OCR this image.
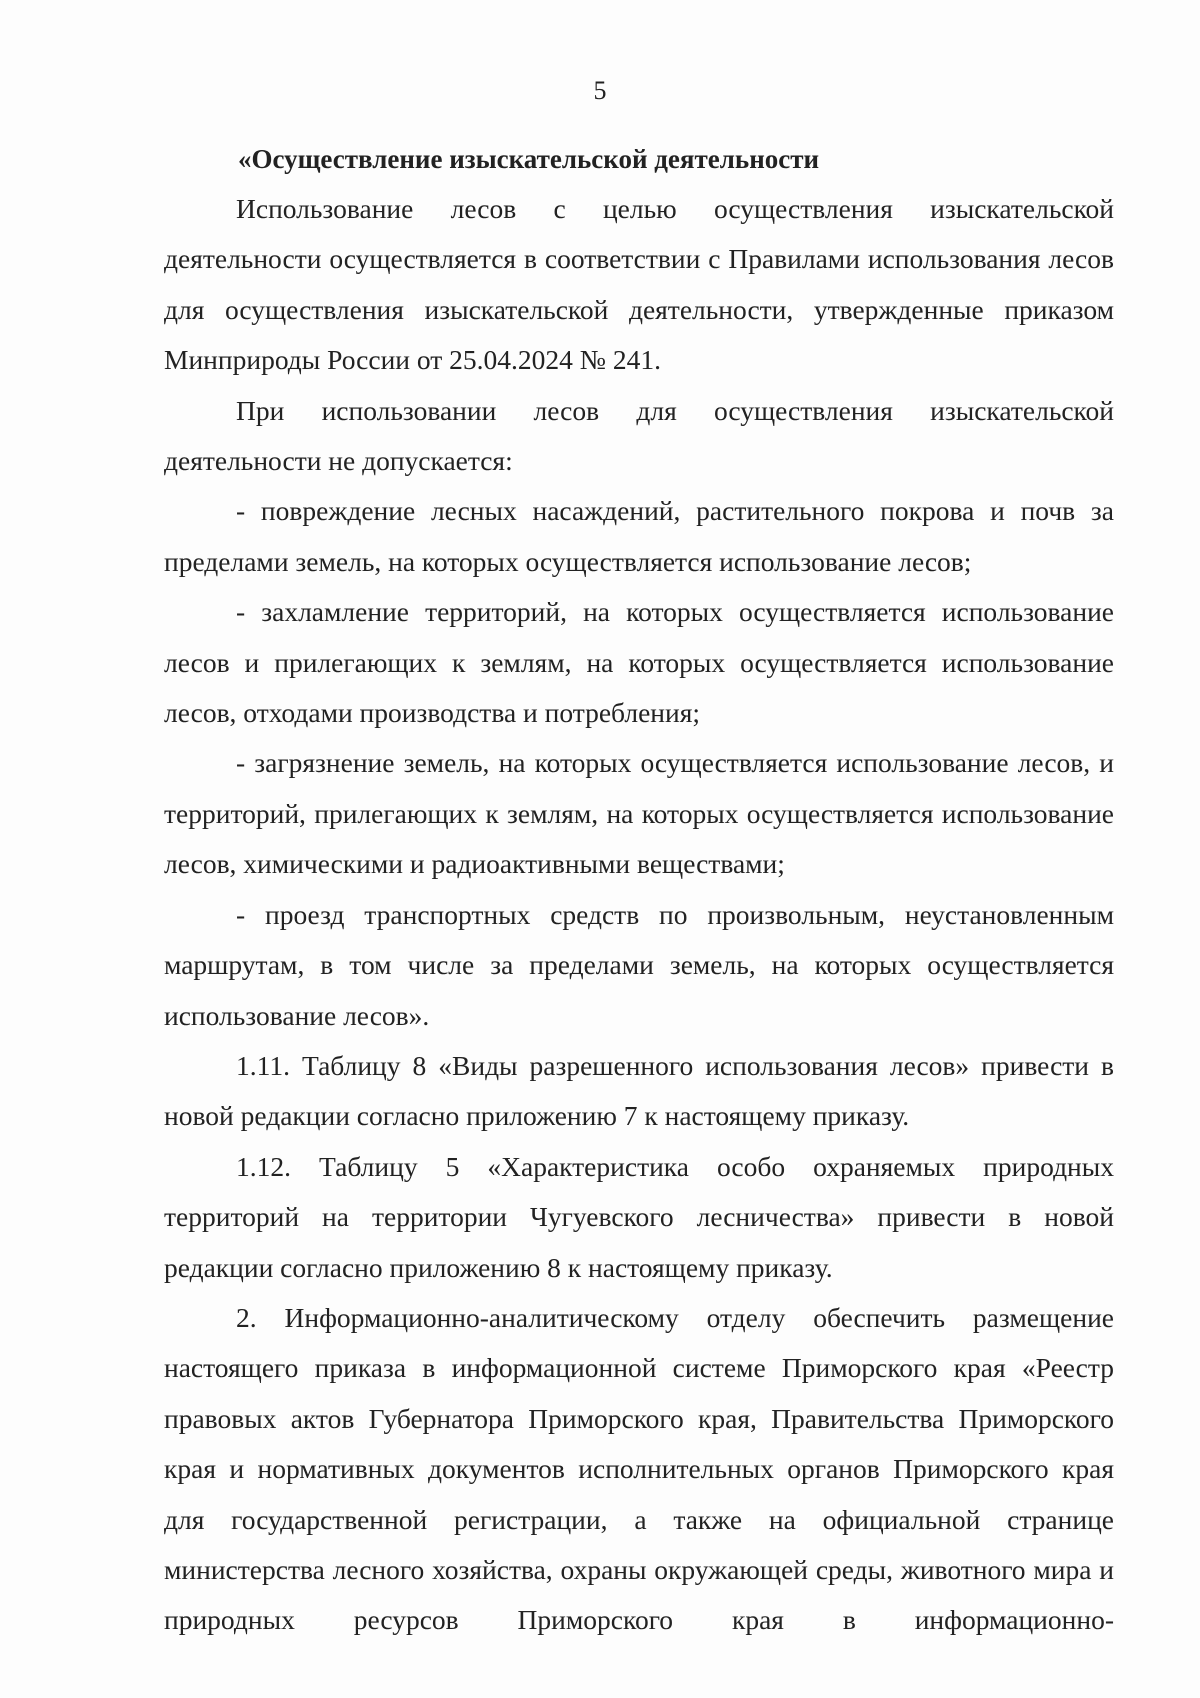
5

«Осуществление изыскательской деятельности

Использование лесов с целью осуществления изыскательской деятельности осуществляется в соответствии с Правилами использования лесов для осуществления изыскательской деятельности, утвержденные приказом Минприроды России от 25.04.2024 № 241.

При использовании лесов для осуществления изыскательской деятельности не допускается:

- повреждение лесных насаждений, растительного покрова и почв за пределами земель, на которых осуществляется использование лесов;

- захламление территорий, на которых осуществляется использование лесов и прилегающих к землям, на которых осуществляется использование лесов, отходами производства и потребления;

- загрязнение земель, на которых осуществляется использование лесов, и территорий, прилегающих к землям, на которых осуществляется использование лесов, химическими и радиоактивными веществами;

- проезд транспортных средств по произвольным, неустановленным маршрутам, в том числе за пределами земель, на которых осуществляется использование лесов».

1.11. Таблицу 8 «Виды разрешенного использования лесов» привести в новой редакции согласно приложению 7 к настоящему приказу.

1.12. Таблицу 5 «Характеристика особо охраняемых природных территорий на территории Чугуевского лесничества» привести в новой редакции согласно приложению 8 к настоящему приказу.

2. Информационно-аналитическому отделу обеспечить размещение настоящего приказа в информационной системе Приморского края «Реестр правовых актов Губернатора Приморского края, Правительства Приморского края и нормативных документов исполнительных органов Приморского края для государственной регистрации, а также на официальной странице министерства лесного хозяйства, охраны окружающей среды, животного мира и природных ресурсов Приморского края в информационно-
